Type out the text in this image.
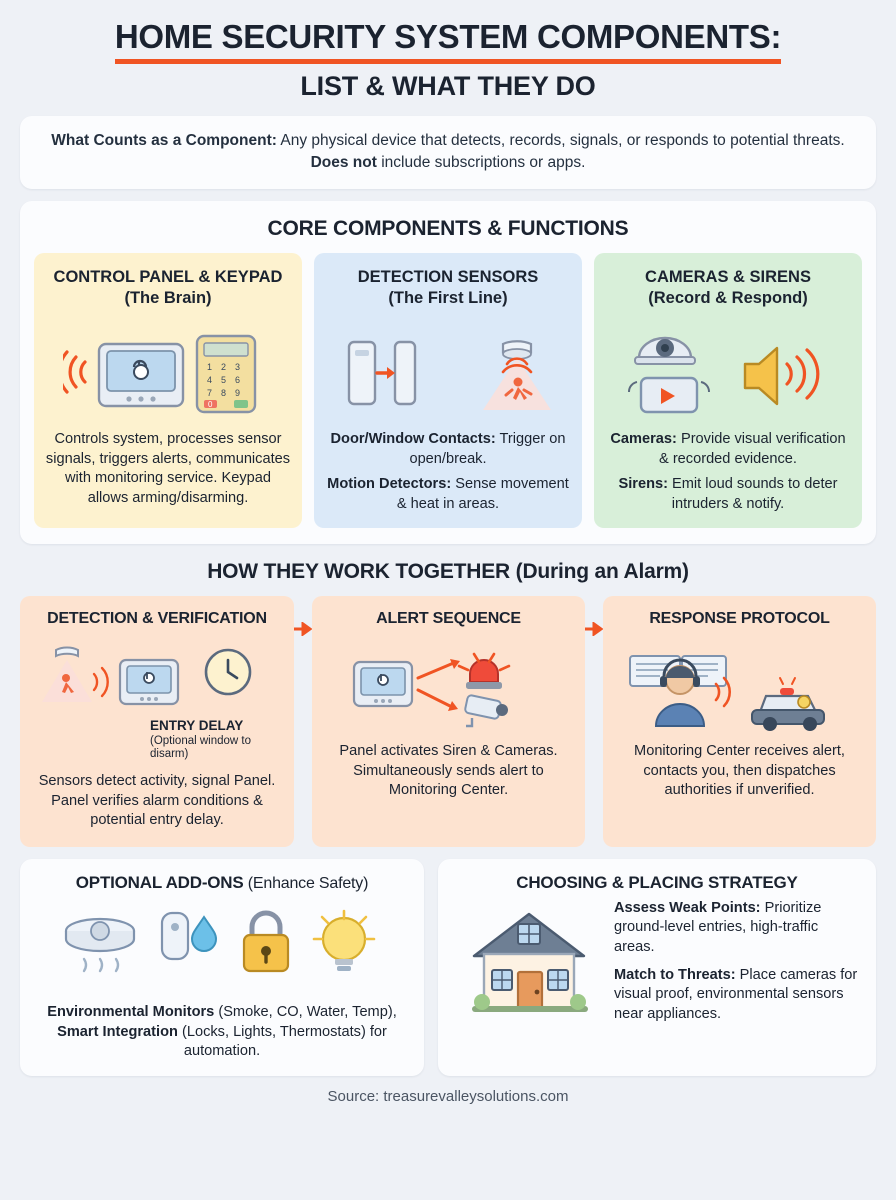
HOME SECURITY SYSTEM COMPONENTS:
LIST & WHAT THEY DO
What Counts as a Component: Any physical device that detects, records, signals, or responds to potential threats. Does not include subscriptions or apps.
CORE COMPONENTS & FUNCTIONS
CONTROL PANEL & KEYPAD
(The Brain)
1 2 3
4 5 6
7 8 9
0

Controls system, processes sensor signals, triggers alerts, communicates with monitoring service. Keypad allows arming/disarming.

DETECTION SENSORS
(The First Line)

Door/Window Contacts: Trigger on open/break.

Motion Detectors: Sense movement & heat in areas.

CAMERAS & SIRENS
(Record & Respond)

Cameras: Provide visual verification & recorded evidence.

Sirens: Emit loud sounds to deter intruders & notify.

HOW THEY WORK TOGETHER (During an Alarm)
DETECTION & VERIFICATION
ENTRY DELAY
(Optional window to disarm)
Sensors detect activity, signal Panel. Panel verifies alarm conditions & potential entry delay.
ALERT SEQUENCE
Panel activates Siren & Cameras. Simultaneously sends alert to Monitoring Center.
RESPONSE PROTOCOL
Monitoring Center receives alert, contacts you, then dispatches authorities if unverified.
OPTIONAL ADD-ONS (Enhance Safety)
Environmental Monitors (Smoke, CO, Water, Temp), Smart Integration (Locks, Lights, Thermostats) for automation.
CHOOSING & PLACING STRATEGY

Assess Weak Points: Prioritize ground-level entries, high-traffic areas.

Match to Threats: Place cameras for visual proof, environmental sensors near appliances.

Source: treasurevalleysolutions.com
